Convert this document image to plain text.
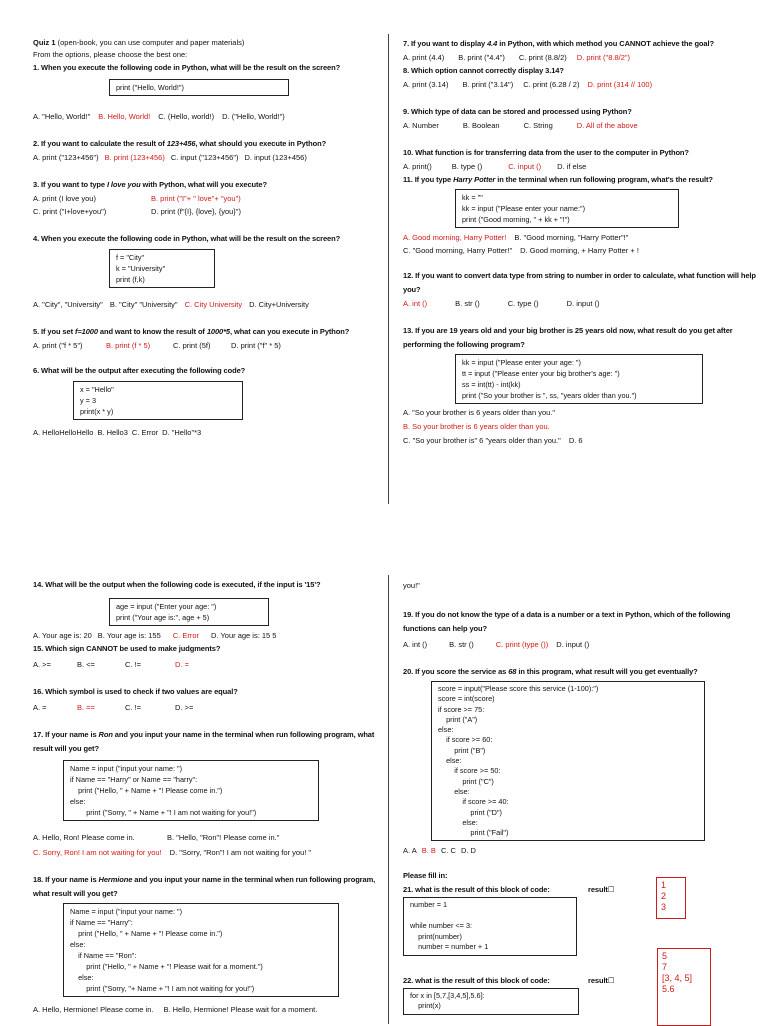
Quiz 1 (open-book, you can use computer and paper materials)
From the options, please choose the best one:
1. When you execute the following code in Python, what will be the result on the screen?
print ("Hello, World!")
A. "Hello, World!" B. Hello, World! C. (Hello, world!) D. ("Hello, World!")
2. If you want to calculate the result of 123+456, what should you execute in Python?
A. print ("123+456") B. print (123+456) C. input ("123+456") D. input (123+456)
3. If you want to type I love you with Python, what will you execute?
A. print (I love you)	B. print ("I"+ " love"+ "you")
C. print ("I+love+you")	D. print (f"{I}, {love}, {you}")
4. When you execute the following code in Python, what will be the result on the screen?
f = "City"
k = "University"
print (f,k)
A. "City", "University" B. "City" "University" C. City University D. City+University
5. If you set f=1000 and want to know the result of 1000*5, what can you execute in Python?
A. print ("f * 5")	B. print (f * 5)	C. print (5f)	D. print ("f" * 5)
6. What will be the output after executing the following code?
x = "Hello"
y = 3
print(x * y)
A. HelloHelloHello B. Hello3 C. Error D. "Hello"*3
7. If you want to display 4.4 in Python, with which method you CANNOT achieve the goal?
A. print (4.4) B. print ("4.4") C. print (8.8/2) D. print ("8.8/2")
8. Which option cannot correctly display 3.14?
A. print (3.14) B. print ("3.14") C. print (6.28 / 2) D. print (314 // 100)
9. Which type of data can be stored and processed using Python?
A. Number	B. Boolean	C. String	D. All of the above
10. What function is for transferring data from the user to the computer in Python?
A. print()	B. type ()	C. input () D. if else
11. If you type Harry Potter in the terminal when run following program, what's the result?
kk = ""
kk = input ("Please enter your name:")
print ("Good morning, " + kk + "!")
A. Good morning, Harry Potter! B. "Good morning, "Harry Potter"!"
C. "Good morning, Harry Potter!" D. Good morning, + Harry Potter + !
12. If you want to convert data type from string to number in order to calculate, what function will help you?
A. int ()	B. str ()	C. type ()	D. input ()
13. If you are 19 years old and your big brother is 25 years old now, what result do you get after performing the following program?
kk = input ("Please enter your age: ")
tt = input ("Please enter your big brother's age: ")
ss = int(tt) - int(kk)
print ("So your brother is ", ss, "years older than you.")
A. "So your brother is 6 years older than you."
B. So your brother is 6 years older than you.
C. "So your brother is" 6 "years older than you." D. 6
14. What will be the output when the following code is executed, if the input is '15'?
age = input ("Enter your age: ")
print ("Your age is:", age + 5)
A. Your age is: 20 B. Your age is: 155 C. Error D. Your age is: 15 5
15. Which sign CANNOT be used to make judgments?
A. >=	B. <=	C. !=	D. =
16. Which symbol is used to check if two values are equal?
A. =	B. ==	C. !=	D. >=
17. If your name is Ron and you input your name in the terminal when run following program, what result will you get?
Name = input ("input your name: ")
if Name == "Harry" or Name == "harry":
print ("Hello, " + Name + "! Please come in.")
else:
print ("Sorry, " + Name + "! I am not waiting for you!")
A. Hello, Ron! Please come in.	B. "Hello, "Ron"! Please come in."
C. Sorry, Ron! I am not waiting for you! D. "Sorry, "Ron"! I am not waiting for you! "
18. If your name is Hermione and you input your name in the terminal when run following program, what result will you get?
Name = input ("input your name: ")
if Name == "Harry":
print ("Hello, " + Name + "! Please come in.")
else:
if Name == "Ron":
print ("Hello, " + Name + "! Please wait for a moment.")
else:
print ("Sorry, "+ Name + "! I am not waiting for you!")
A. Hello, Hermione! Please come in. B. Hello, Hermione! Please wait for a moment.
you!"
19. If you do not know the type of a data is a number or a text in Python, which of the following functions can help you?
A. int ()	B. str ()	C. print (type ()) D. input ()
20. If you score the service as 68 in this program, what result will you get eventually?
score = input("Please score this service (1-100):")
score = int(score)
if score >= 75:
print ("A")
else:
if score >= 60:
print ("B")
else:
if score >= 50:
print ("C")
else:
if score >= 40:
print ("D")
else:
print ("Fail")
A. A B. B C. C D. D
Please fill in:
21. what is the result of this block of code:	result☐
number = 1

while number <= 3:
print(number)
number = number + 1
22. what is the result of this block of code:	result☐
for x in [5,7,[3,4,5],5.6]:
print(x)
1
2
3
5
7
[3, 4, 5]
5.6
